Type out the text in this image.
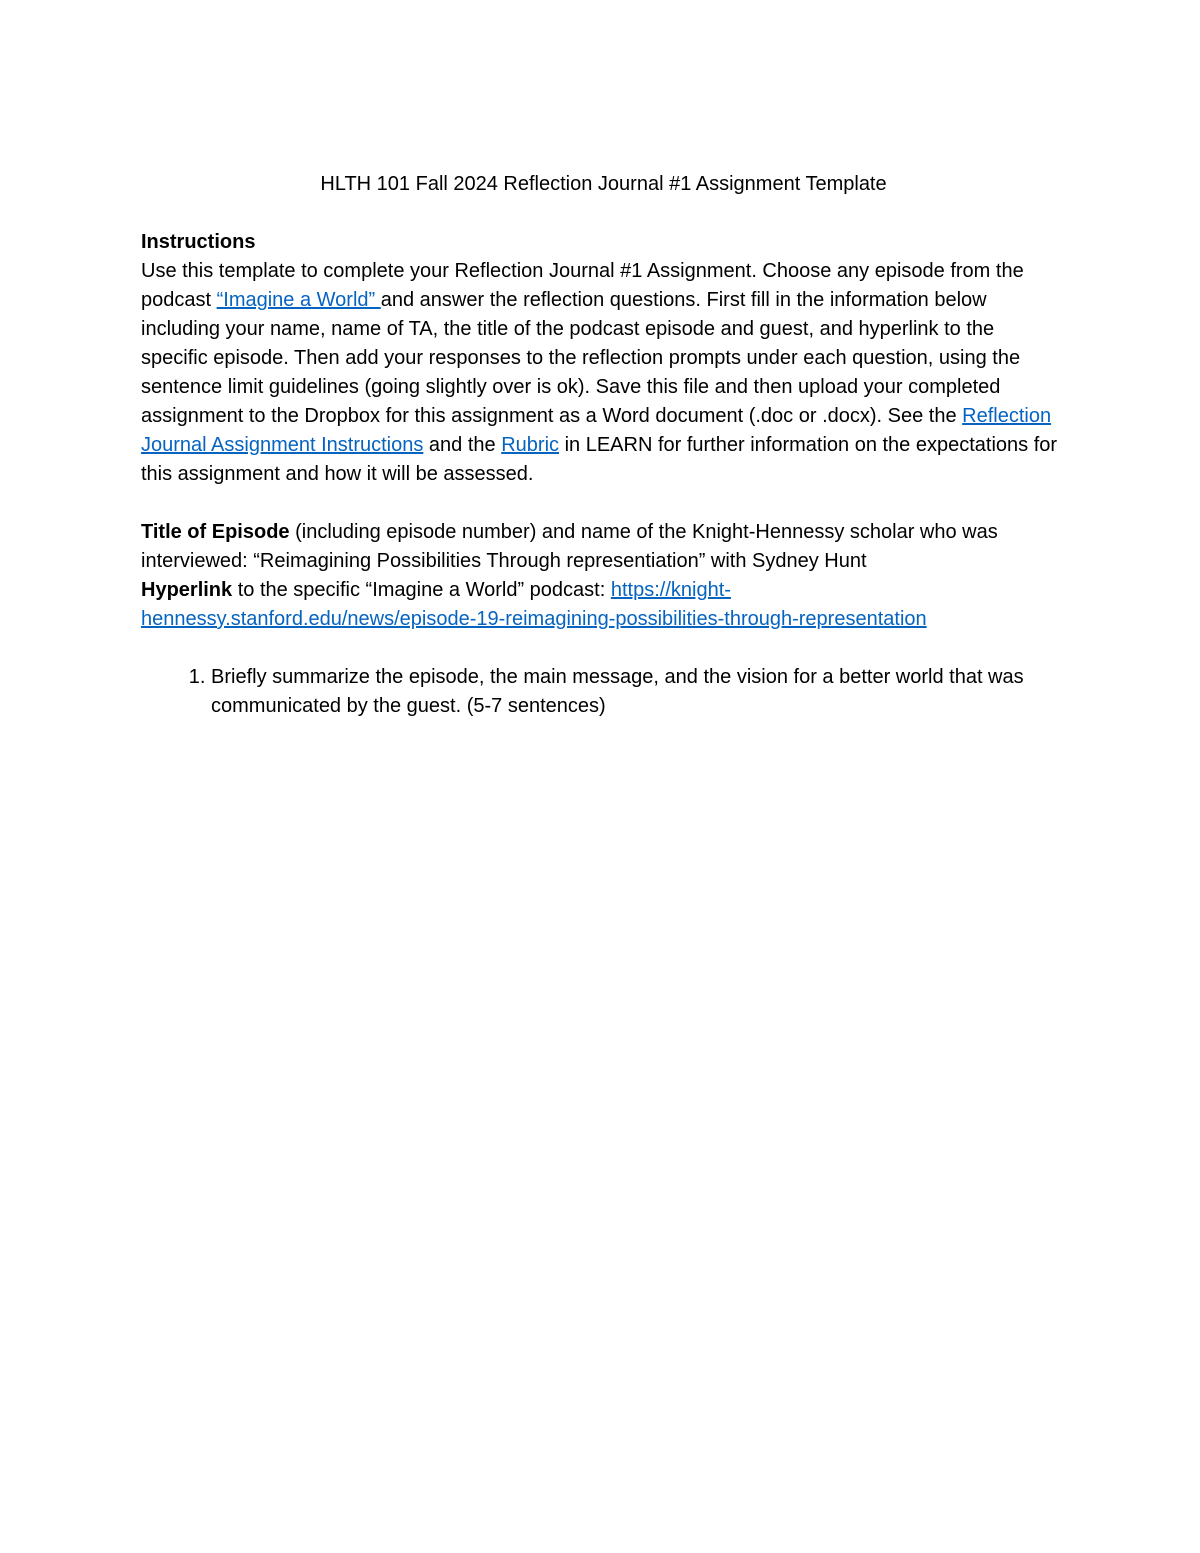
HLTH 101 Fall 2024 Reflection Journal #1 Assignment Template

Instructions

Use this template to complete your Reflection Journal #1 Assignment. Choose any episode from the podcast “Imagine a World” and answer the reflection questions. First fill in the information below including your name, name of TA, the title of the podcast episode and guest, and hyperlink to the specific episode. Then add your responses to the reflection prompts under each question, using the sentence limit guidelines (going slightly over is ok). Save this file and then upload your completed assignment to the Dropbox for this assignment as a Word document (.doc or .docx). See the Reflection Journal Assignment Instructions and the Rubric in LEARN for further information on the expectations for this assignment and how it will be assessed.

Title of Episode (including episode number) and name of the Knight-Hennessy scholar who was interviewed: “Reimagining Possibilities Through representiation” with Sydney Hunt

Hyperlink to the specific “Imagine a World” podcast: https://knight-hennessy.stanford.edu/news/episode-19-reimagining-possibilities-through-representation

1. Briefly summarize the episode, the main message, and the vision for a better world that was communicated by the guest. (5-7 sentences)
